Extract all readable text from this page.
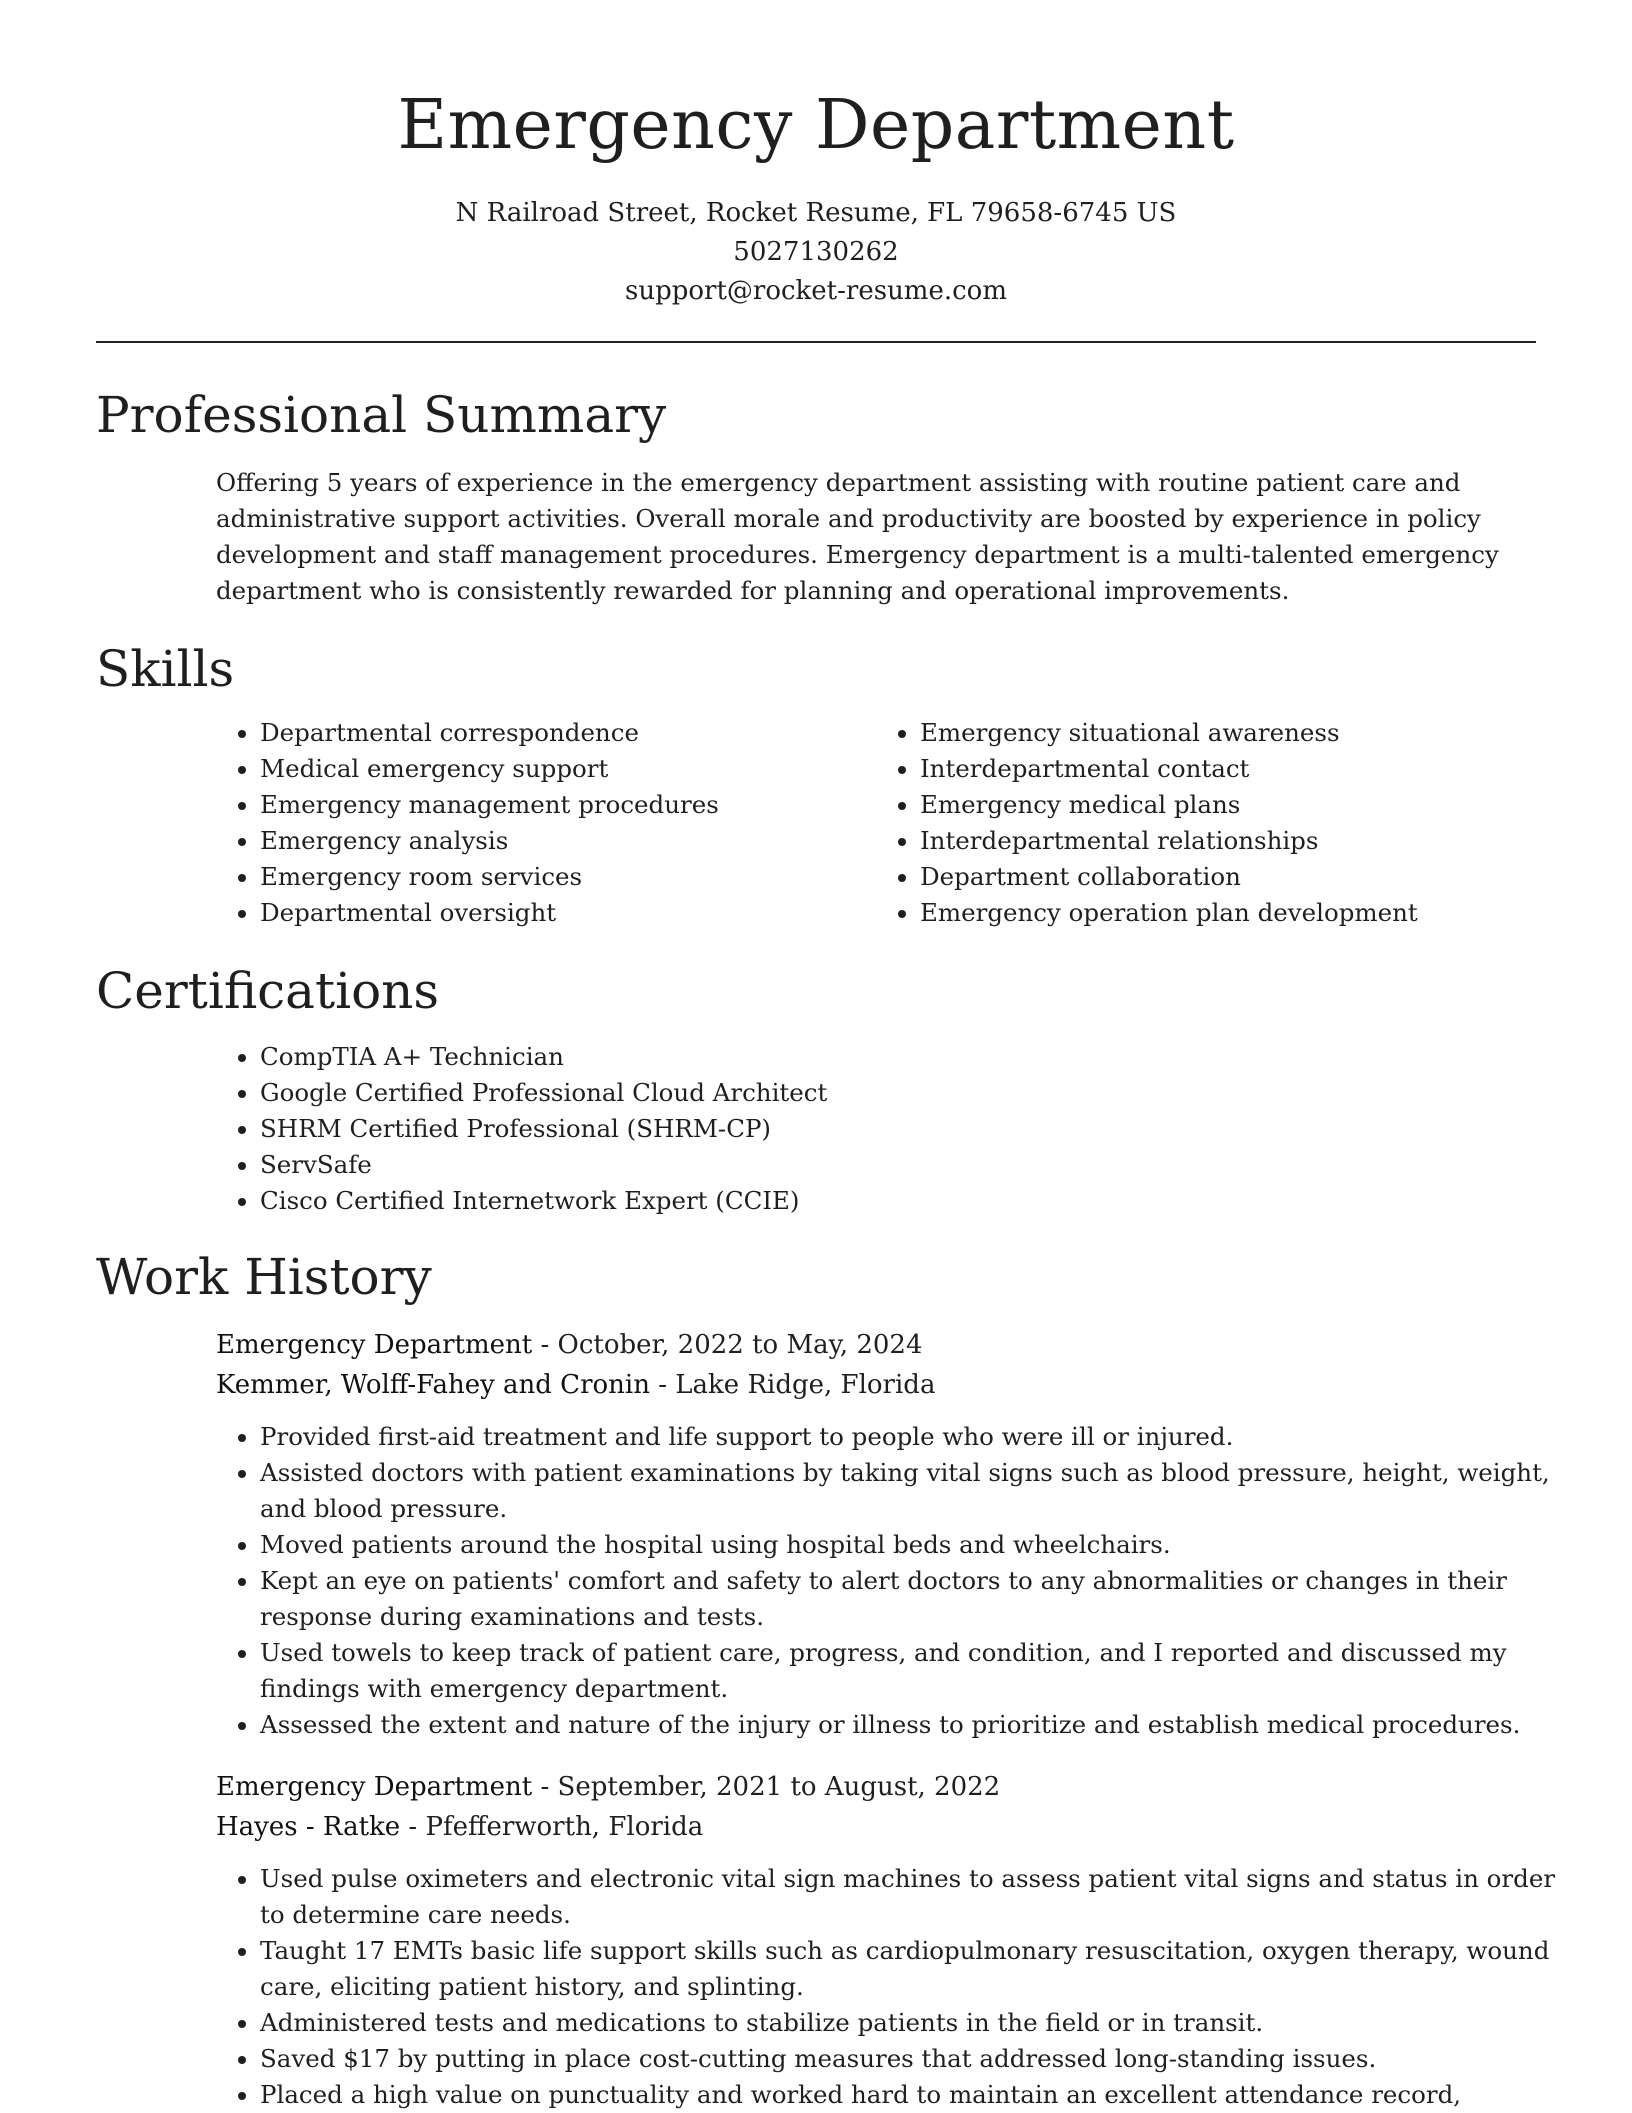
Emergency Department
N Railroad Street, Rocket Resume, FL 79658-6745 US
5027130262
support@rocket-resume.com
Professional Summary

Offering 5 years of experience in the emergency department assisting with routine patient care and administrative support activities. Overall morale and productivity are boosted by experience in policy development and staff management procedures. Emergency department is a multi-talented emergency department who is consistently rewarded for planning and operational improvements.

Skills
• Departmental correspondence
• Medical emergency support
• Emergency management procedures
• Emergency analysis
• Emergency room services
• Departmental oversight
• Emergency situational awareness
• Interdepartmental contact
• Emergency medical plans
• Interdepartmental relationships
• Department collaboration
• Emergency operation plan development
Certifications
• CompTIA A+ Technician
• Google Certified Professional Cloud Architect
• SHRM Certified Professional (SHRM-CP)
• ServSafe
• Cisco Certified Internetwork Expert (CCIE)
Work History
Emergency Department - October, 2022 to May, 2024
Kemmer, Wolff-Fahey and Cronin - Lake Ridge, Florida
• Provided first-aid treatment and life support to people who were ill or injured.
• Assisted doctors with patient examinations by taking vital signs such as blood pressure, height, weight, and blood pressure.
• Moved patients around the hospital using hospital beds and wheelchairs.
• Kept an eye on patients' comfort and safety to alert doctors to any abnormalities or changes in their response during examinations and tests.
• Used towels to keep track of patient care, progress, and condition, and I reported and discussed my findings with emergency department.
• Assessed the extent and nature of the injury or illness to prioritize and establish medical procedures.
Emergency Department - September, 2021 to August, 2022
Hayes - Ratke - Pfefferworth, Florida
• Used pulse oximeters and electronic vital sign machines to assess patient vital signs and status in order to determine care needs.
• Taught 17 EMTs basic life support skills such as cardiopulmonary resuscitation, oxygen therapy, wound care, eliciting patient history, and splinting.
• Administered tests and medications to stabilize patients in the field or in transit.
• Saved $17 by putting in place cost-cutting measures that addressed long-standing issues.
• Placed a high value on punctuality and worked hard to maintain an excellent attendance record,
